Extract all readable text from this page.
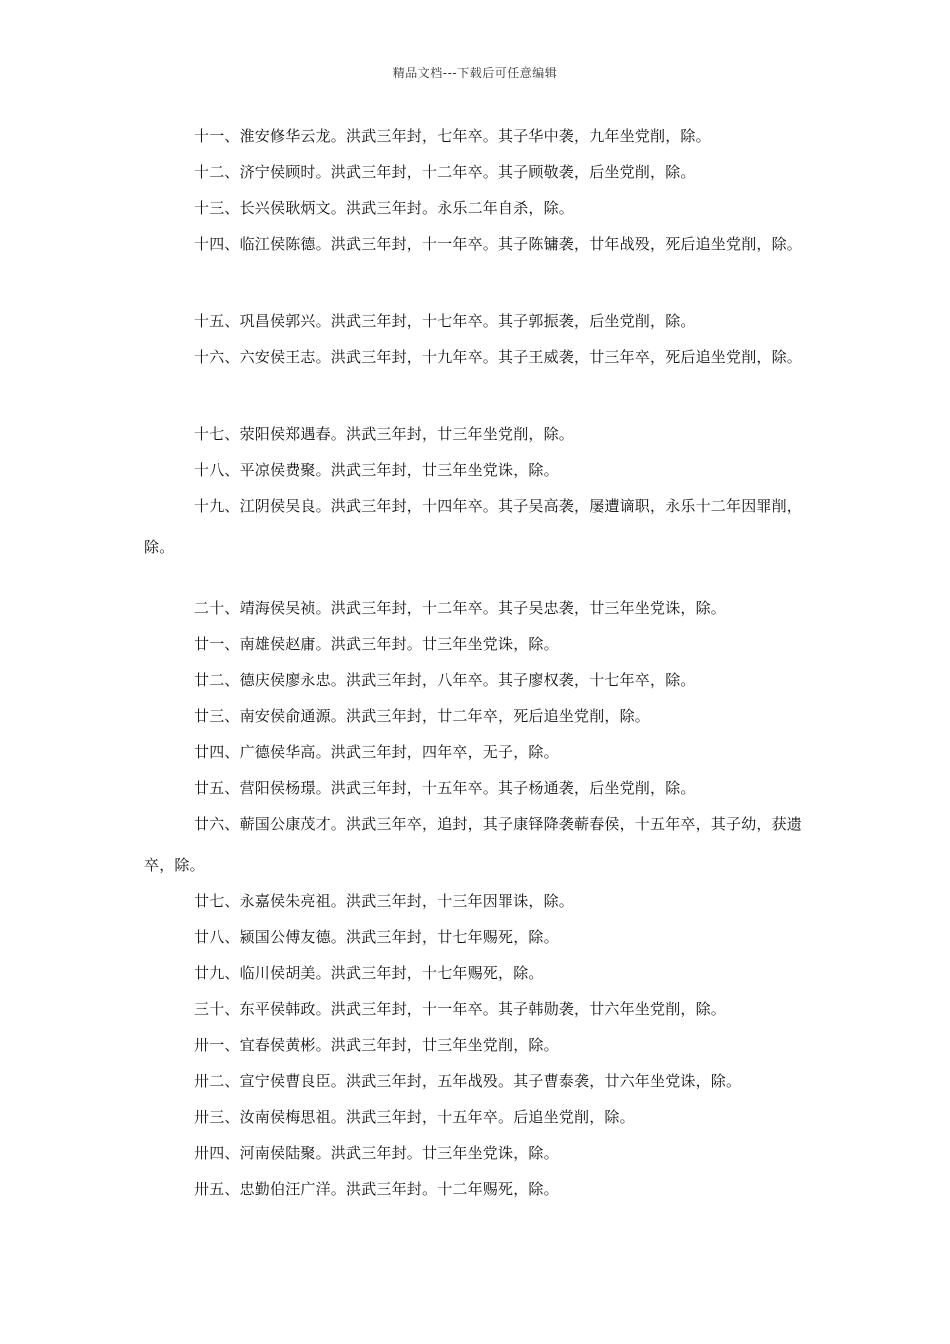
精品文档---下载后可任意编辑

十一、淮安修华云龙。洪武三年封，七年卒。其子华中袭，九年坐党削，除。

十二、济宁侯顾时。洪武三年封，十二年卒。其子顾敬袭，后坐党削，除。

十三、长兴侯耿炳文。洪武三年封。永乐二年自杀，除。

十四、临江侯陈德。洪武三年封，十一年卒。其子陈镛袭，廿年战殁，死后追坐党削，除。

十五、巩昌侯郭兴。洪武三年封，十七年卒。其子郭振袭，后坐党削，除。

十六、六安侯王志。洪武三年封，十九年卒。其子王威袭，廿三年卒，死后追坐党削，除。

十七、荥阳侯郑遇春。洪武三年封，廿三年坐党削，除。

十八、平凉侯费聚。洪武三年封，廿三年坐党诛，除。

十九、江阴侯吴良。洪武三年封，十四年卒。其子吴高袭，屡遭谪职，永乐十二年因罪削，除。

二十、靖海侯吴祯。洪武三年封，十二年卒。其子吴忠袭，廿三年坐党诛，除。

廿一、南雄侯赵庸。洪武三年封。廿三年坐党诛，除。

廿二、德庆侯廖永忠。洪武三年封，八年卒。其子廖权袭，十七年卒，除。

廿三、南安侯俞通源。洪武三年封，廿二年卒，死后追坐党削，除。

廿四、广德侯华高。洪武三年封，四年卒，无子，除。

廿五、营阳侯杨璟。洪武三年封，十五年卒。其子杨通袭，后坐党削，除。

廿六、蕲国公康茂才。洪武三年卒，追封，其子康铎降袭蕲春侯，十五年卒，其子幼，获遗卒，除。

廿七、永嘉侯朱亮祖。洪武三年封，十三年因罪诛，除。

廿八、颍国公傅友德。洪武三年封，廿七年赐死，除。

廿九、临川侯胡美。洪武三年封，十七年赐死，除。

三十、东平侯韩政。洪武三年封，十一年卒。其子韩勋袭，廿六年坐党削，除。

卅一、宜春侯黄彬。洪武三年封，廿三年坐党削，除。

卅二、宣宁侯曹良臣。洪武三年封，五年战殁。其子曹泰袭，廿六年坐党诛，除。

卅三、汝南侯梅思祖。洪武三年封，十五年卒。后追坐党削，除。

卅四、河南侯陆聚。洪武三年封。廿三年坐党诛，除。

卅五、忠勤伯汪广洋。洪武三年封。十二年赐死，除。
